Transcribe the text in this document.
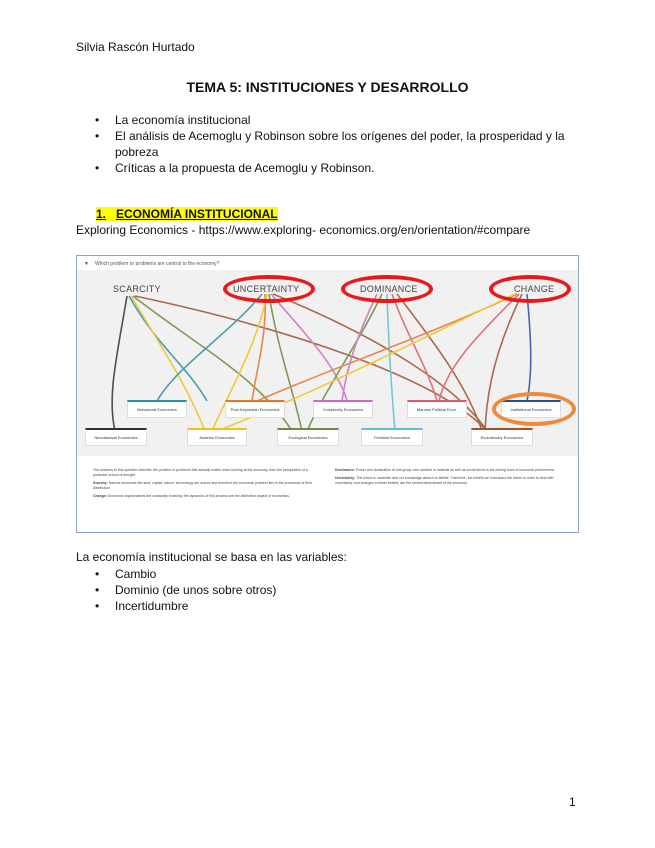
Silvia Rascón Hurtado
TEMA 5: INSTITUCIONES Y DESARROLLO
• La economía institucional
• El análisis de Acemoglu y Robinson sobre los orígenes del poder, la prosperidad y la pobreza
• Críticas a la propuesta de Acemoglu y Robinson.
1. ECONOMÍA INSTITUCIONAL
Exploring Economics - https://www.exploring- economics.org/en/orientation/#compare
▼ Which problem or problems are central to the economy?
SCARCITY	UNCERTAINTY	DOMINANCE	CHANGE
Behavioral Economics	Post-Keynesian Economics	Complexity Economics	Marxian Political Econ.	Institutional Economics
Neoclassical Economics	Austrian Economics	Ecological Economics	Feminist Economics	Evolutionary Economics

The answers to this question describe the problem or problems that actually matter when looking at the economy, from the perspective of a particular school of thought.

Scarcity: Natural resources like land, capital, labour, and energy are scarce and therefore the economic problem lies in the processes of their distribution.

Change: Economic organizations are constantly evolving, the dynamics of this process are the distinctive aspect of economics.

Dominance: Power and domination of one group over another in material as well as social terms is the driving force of economic phenomena.

Uncertainty: The future is uncertain and our knowledge about it is fallible. Therefore, the beliefs we hold about the future in order to deal with uncertainty, and changes in these beliefs, are the central determinant of the economy.

La economía institucional se basa en las variables:
• Cambio
• Dominio (de unos sobre otros)
• Incertidumbre
1
